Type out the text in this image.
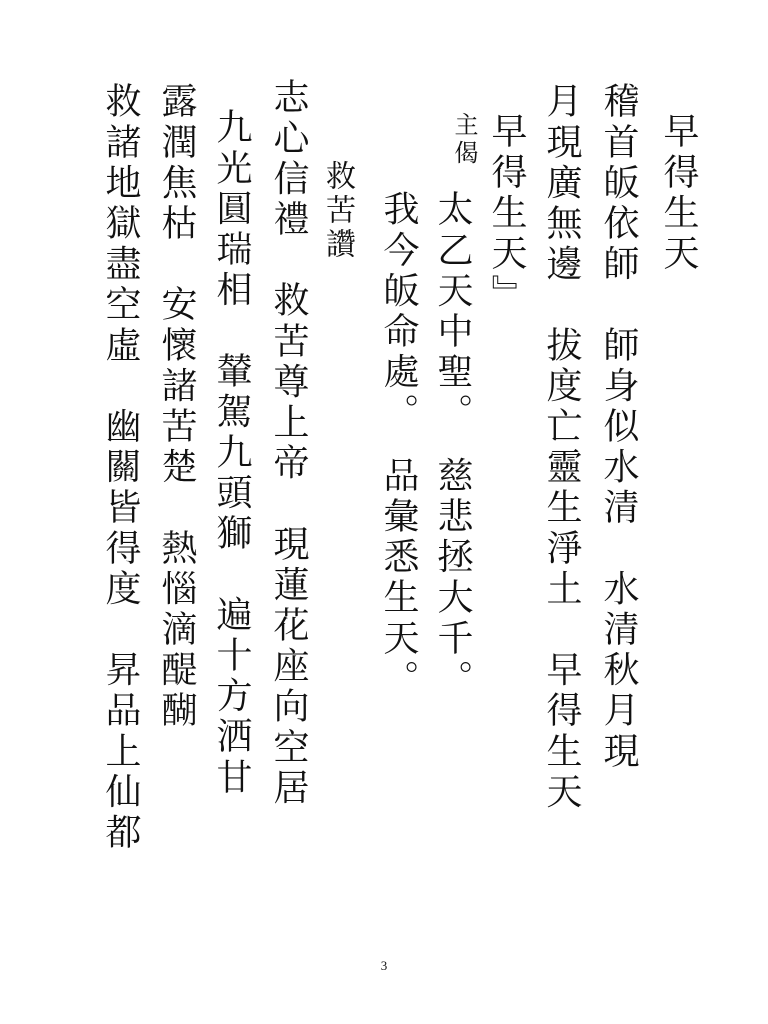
早得生天
稽首皈依師　師身似水清　水清秋月現
月現廣無邊　拔度亡靈生淨土　早得生天
早得生天』
主偈
太乙天中聖。　慈悲拯大千。
我今皈命處。　品彙悉生天。
救苦讚
志心信禮　救苦尊上帝　現蓮花座向空居
九光圓瑞相　輦駕九頭獅　遍十方洒甘
露潤焦枯　安懷諸苦楚　熱惱滴醍醐
救諸地獄盡空虛　幽關皆得度　昇品上仙都
3
